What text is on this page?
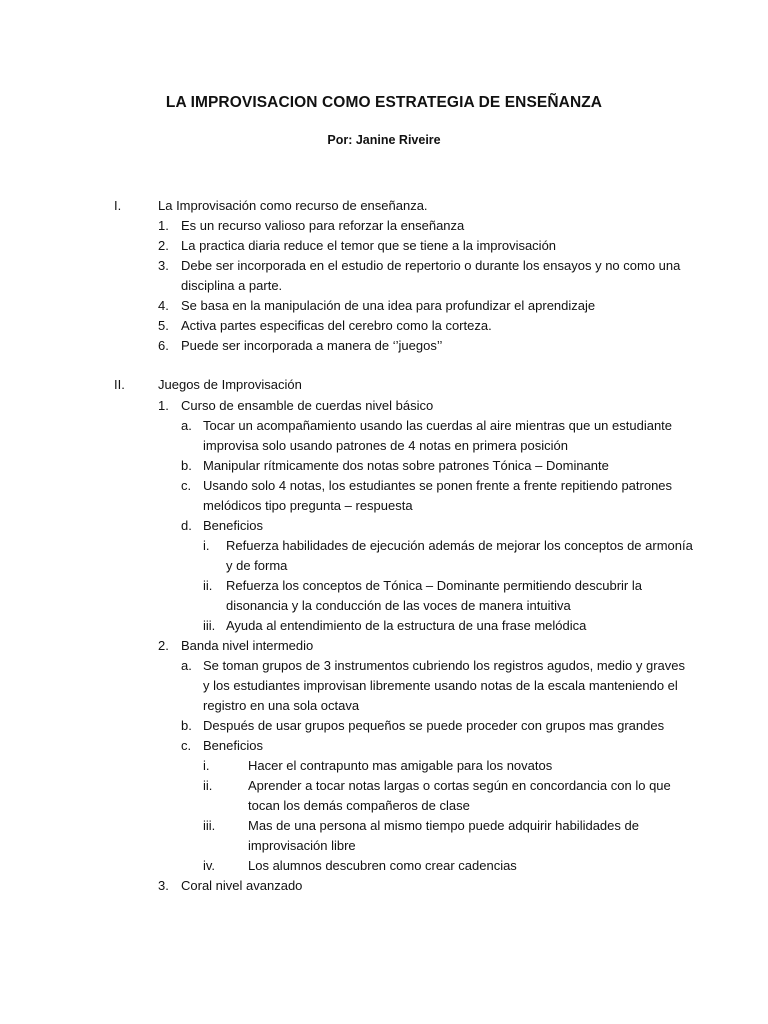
LA IMPROVISACION COMO ESTRATEGIA DE ENSEÑANZA
Por: Janine Riveire
I.	La Improvisación como recurso de enseñanza.
1. Es un recurso valioso para reforzar la enseñanza
2. La practica diaria reduce el temor que se tiene a la improvisación
3. Debe ser incorporada en el estudio de repertorio o durante los ensayos y no como una
disciplina a parte.
4. Se basa en la manipulación de una idea para profundizar el aprendizaje
5. Activa partes especificas del cerebro como la corteza.
6. Puede ser incorporada a manera de ‘’juegos’’
II.	Juegos de Improvisación
1. Curso de ensamble de cuerdas nivel básico
a. Tocar un acompañamiento usando las cuerdas al aire mientras que un estudiante
improvisa solo usando patrones de 4 notas en primera posición
b. Manipular rítmicamente dos notas sobre patrones Tónica – Dominante
c. Usando solo 4 notas, los estudiantes se ponen frente a frente repitiendo patrones
melódicos tipo pregunta – respuesta
d. Beneficios
i. Refuerza habilidades de ejecución además de mejorar los conceptos de armonía
y de forma
ii. Refuerza los conceptos de Tónica – Dominante permitiendo descubrir la
disonancia y la conducción de las voces de manera intuitiva
iii. Ayuda al entendimiento de la estructura de una frase melódica
2. Banda nivel intermedio
a. Se toman grupos de 3 instrumentos cubriendo los registros agudos, medio y graves
y los estudiantes improvisan libremente usando notas de la escala manteniendo el
registro en una sola octava
b. Después de usar grupos pequeños se puede proceder con grupos mas grandes
c. Beneficios
i.	Hacer el contrapunto mas amigable para los novatos
ii.	Aprender a tocar notas largas o cortas según en concordancia con lo que
tocan los demás compañeros de clase
iii.	Mas de una persona al mismo tiempo puede adquirir habilidades de
improvisación libre
iv.	Los alumnos descubren como crear cadencias
3. Coral nivel avanzado
